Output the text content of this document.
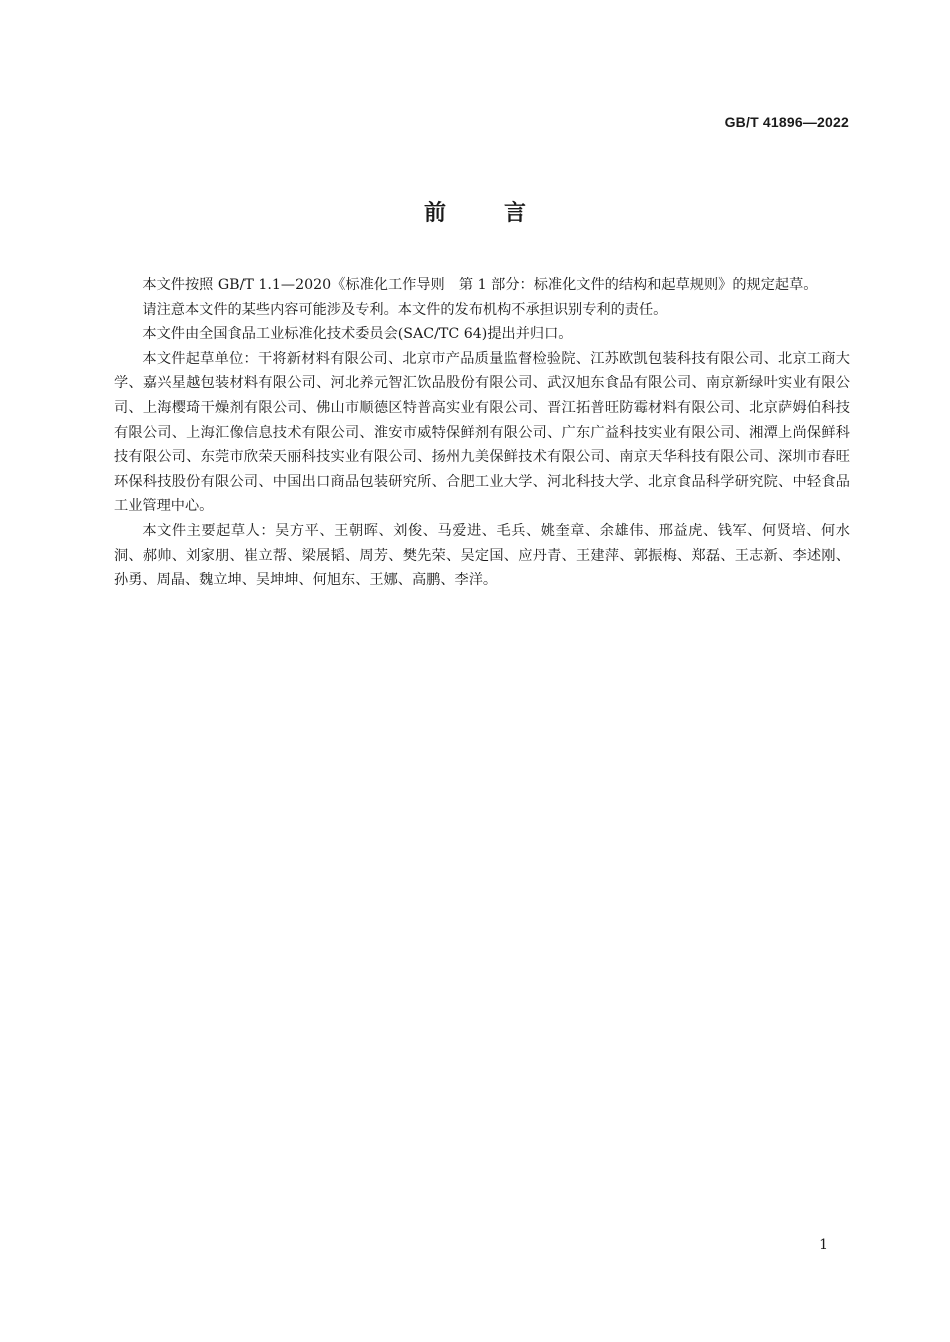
GB/T 41896—2022
前言

本文件按照 GB/T 1.1—2020《标准化工作导则　第 1 部分：标准化文件的结构和起草规则》的规定起草。

请注意本文件的某些内容可能涉及专利。本文件的发布机构不承担识别专利的责任。

本文件由全国食品工业标准化技术委员会(SAC/TC 64)提出并归口。

本文件起草单位：干将新材料有限公司、北京市产品质量监督检验院、江苏欧凯包装科技有限公司、北京工商大学、嘉兴星越包装材料有限公司、河北养元智汇饮品股份有限公司、武汉旭东食品有限公司、南京新绿叶实业有限公司、上海樱琦干燥剂有限公司、佛山市顺德区特普高实业有限公司、晋江拓普旺防霉材料有限公司、北京萨姆伯科技有限公司、上海汇像信息技术有限公司、淮安市威特保鲜剂有限公司、广东广益科技实业有限公司、湘潭上尚保鲜科技有限公司、东莞市欣荣天丽科技实业有限公司、扬州九美保鲜技术有限公司、南京天华科技有限公司、深圳市春旺环保科技股份有限公司、中国出口商品包装研究所、合肥工业大学、河北科技大学、北京食品科学研究院、中轻食品工业管理中心。

本文件主要起草人：吴方平、王朝晖、刘俊、马爱进、毛兵、姚奎章、余雄伟、邢益虎、钱军、何贤培、何水洞、郝帅、刘家朋、崔立帮、梁展韬、周芳、樊先荣、吴定国、应丹青、王建萍、郭振梅、郑磊、王志新、李述刚、孙勇、周晶、魏立坤、吴坤坤、何旭东、王娜、高鹏、李洋。

1
